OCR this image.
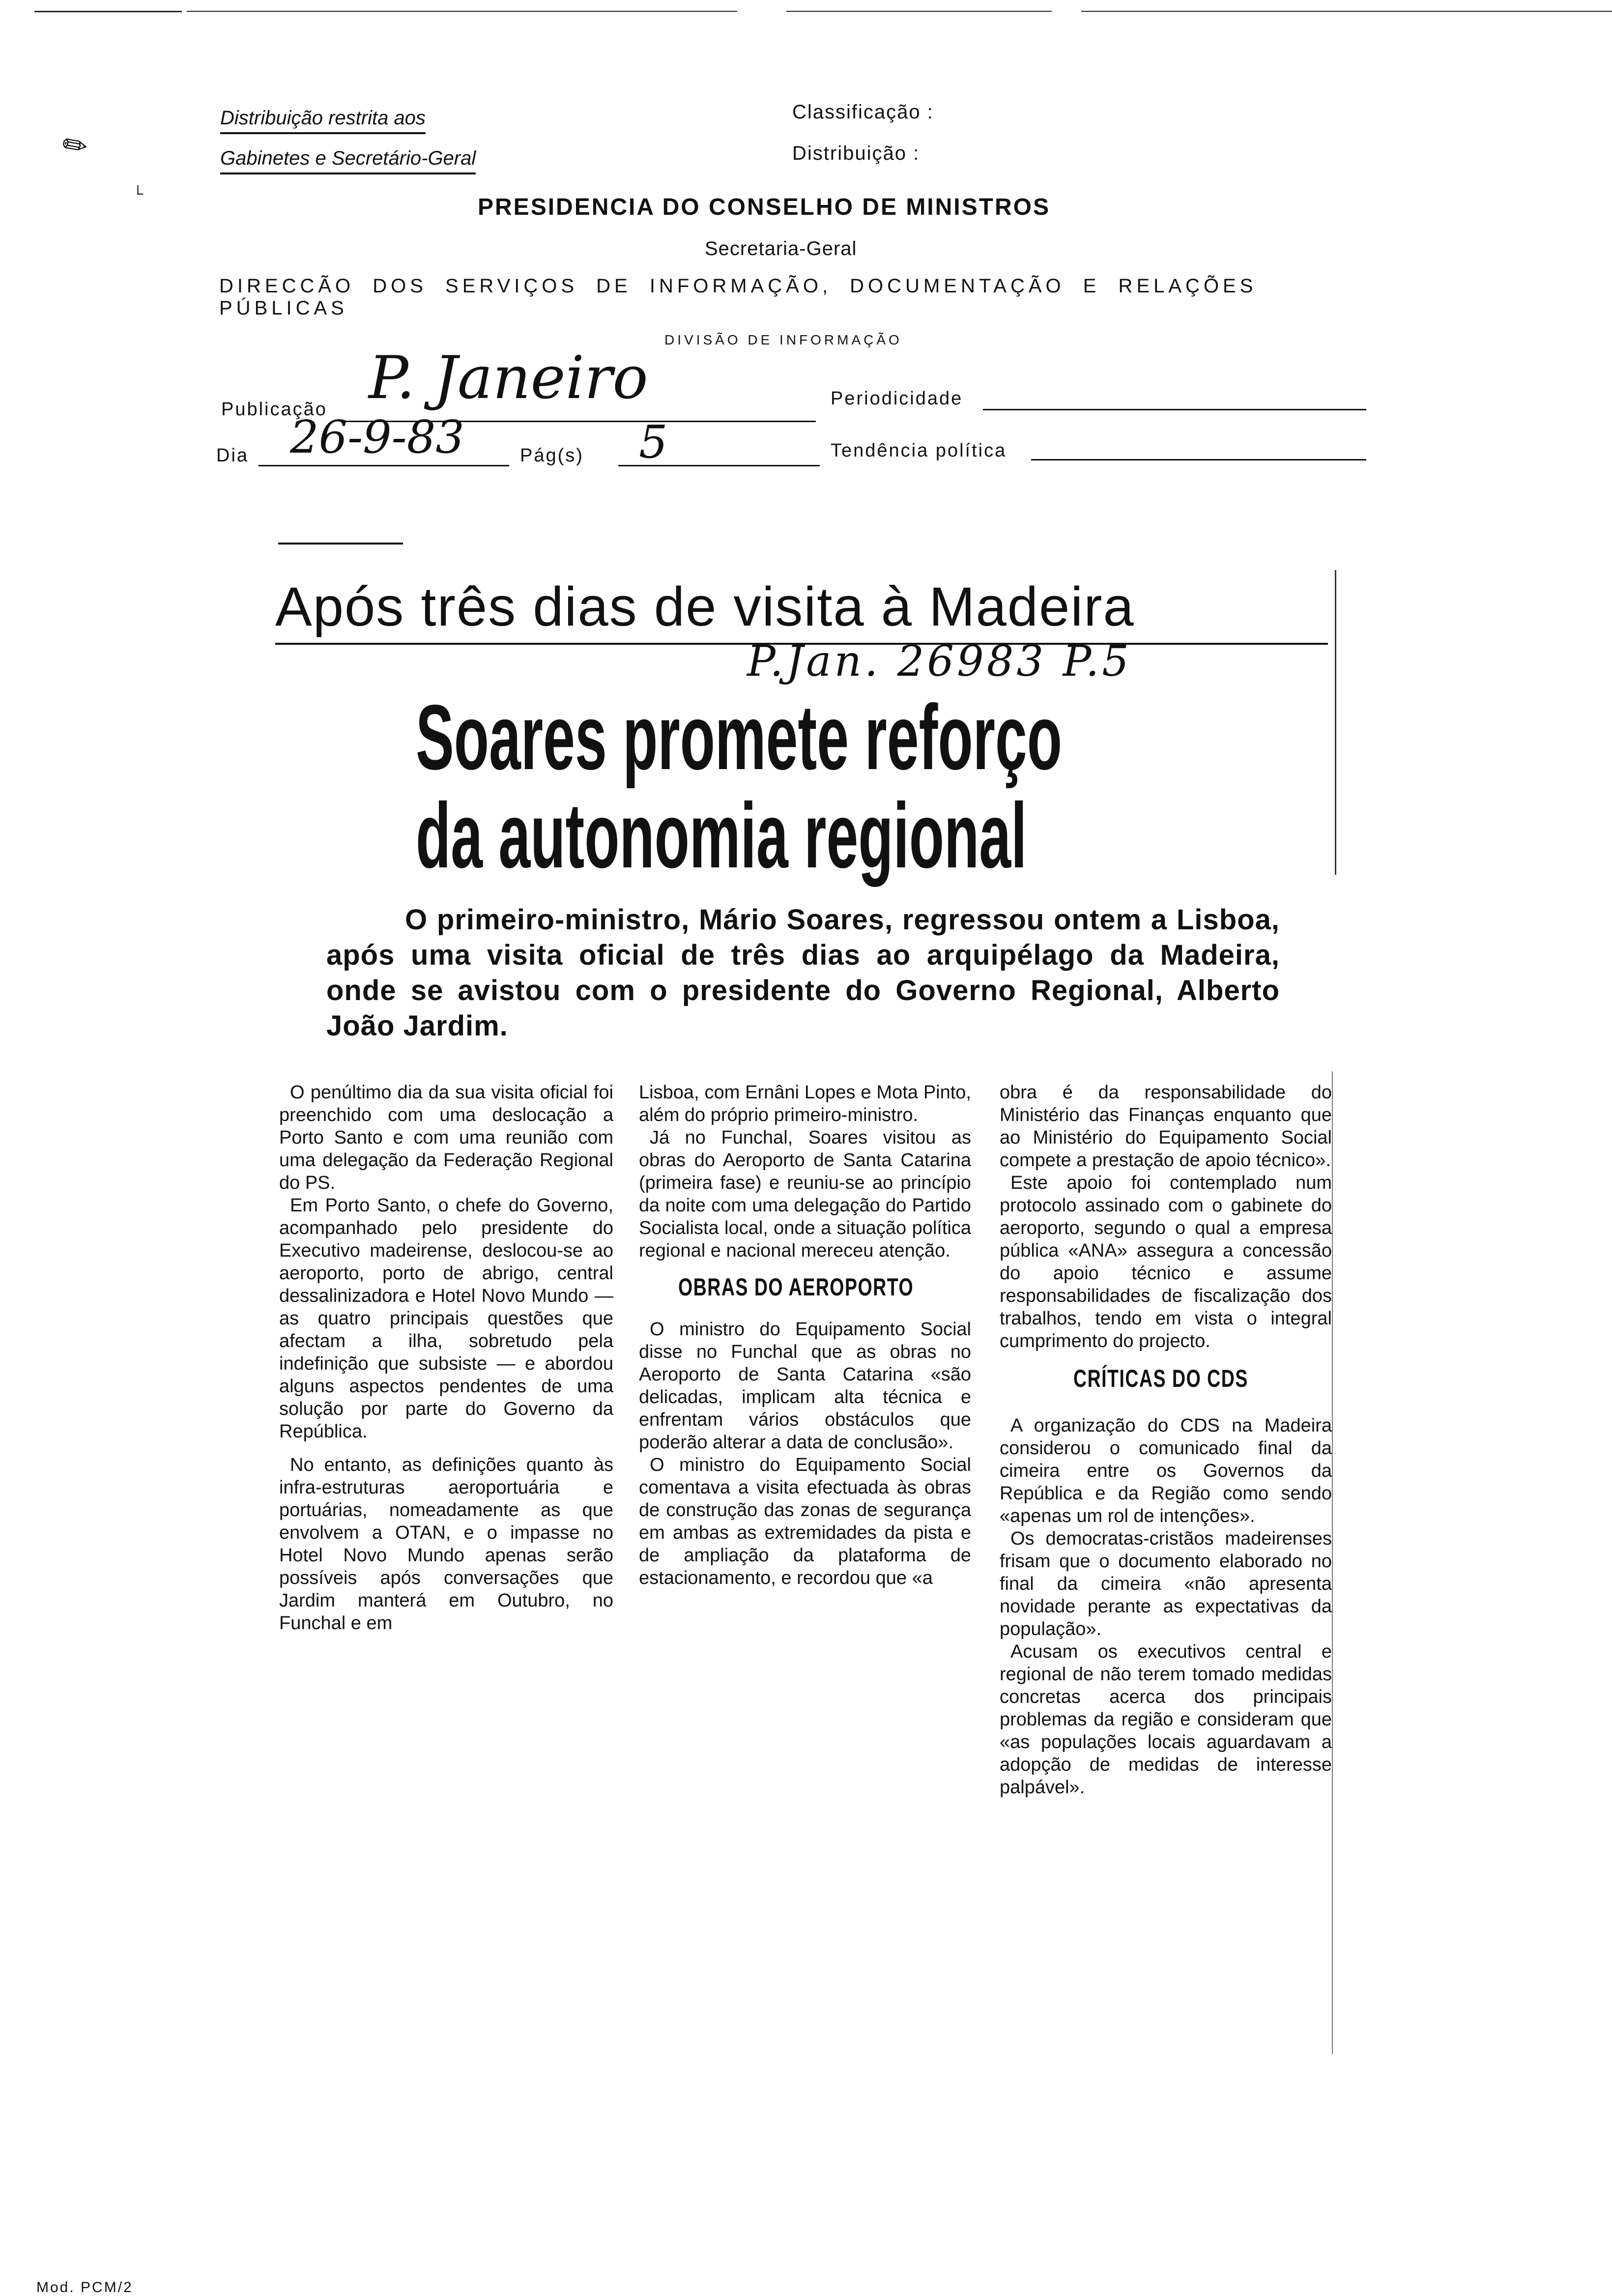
✎
└
Distribuição restrita aos
Gabinetes e Secretário-Geral
Classificação :
Distribuição :
PRESIDENCIA DO CONSELHO DE MINISTROS
Secretaria-Geral
DIRECCÃO DOS SERVIÇOS DE INFORMAÇÃO, DOCUMENTAÇÃO E RELAÇÕES PÚBLICAS
DIVISÃO DE INFORMAÇÃO
Publicação P. Janeiro	Periodicidade
Dia 26-9-83	Pág(s) 5	Tendência política
Após três dias de visita à Madeira
P.Jan. 26983 P.5
Soares promete reforço
da autonomia regional
O primeiro-ministro, Mário Soares, regressou ontem a Lisboa, após uma visita oficial de três dias ao arquipélago da Madeira, onde se avistou com o presidente do Governo Regional, Alberto João Jardim.

O penúltimo dia da sua visita oficial foi preenchido com uma deslocação a Porto Santo e com uma reunião com uma delegação da Federação Regional do PS.

Em Porto Santo, o chefe do Governo, acompanhado pelo presidente do Executivo madeirense, deslocou-se ao aeroporto, porto de abrigo, central dessalinizadora e Hotel Novo Mundo — as quatro principais questões que afectam a ilha, sobretudo pela indefinição que subsiste — e abordou alguns aspectos pendentes de uma solução por parte do Governo da República.

No entanto, as definições quanto às infra-estruturas aeroportuária e portuárias, nomeadamente as que envolvem a OTAN, e o impasse no Hotel Novo Mundo apenas serão possíveis após conversações que Jardim manterá em Outubro, no Funchal e em

Lisboa, com Ernâni Lopes e Mota Pinto, além do próprio primeiro-ministro.

Já no Funchal, Soares visitou as obras do Aeroporto de Santa Catarina (primeira fase) e reuniu-se ao princípio da noite com uma delegação do Partido Socialista local, onde a situação política regional e nacional mereceu atenção.

OBRAS DO AEROPORTO

O ministro do Equipamento Social disse no Funchal que as obras no Aeroporto de Santa Catarina «são delicadas, implicam alta técnica e enfrentam vários obstáculos que poderão alterar a data de conclusão».

O ministro do Equipamento Social comentava a visita efectuada às obras de construção das zonas de segurança em ambas as extremidades da pista e de ampliação da plataforma de estacionamento, e recordou que «a

obra é da responsabilidade do Ministério das Finanças enquanto que ao Ministério do Equipamento Social compete a prestação de apoio técnico».

Este apoio foi contemplado num protocolo assinado com o gabinete do aeroporto, segundo o qual a empresa pública «ANA» assegura a concessão do apoio técnico e assume responsabilidades de fiscalização dos trabalhos, tendo em vista o integral cumprimento do projecto.

CRÍTICAS DO CDS

A organização do CDS na Madeira considerou o comunicado final da cimeira entre os Governos da República e da Região como sendo «apenas um rol de intenções».

Os democratas-cristãos madeirenses frisam que o documento elaborado no final da cimeira «não apresenta novidade perante as expectativas da população».

Acusam os executivos central e regional de não terem tomado medidas concretas acerca dos principais problemas da região e consideram que «as populações locais aguardavam a adopção de medidas de interesse palpável».

Mod. PCM/2
